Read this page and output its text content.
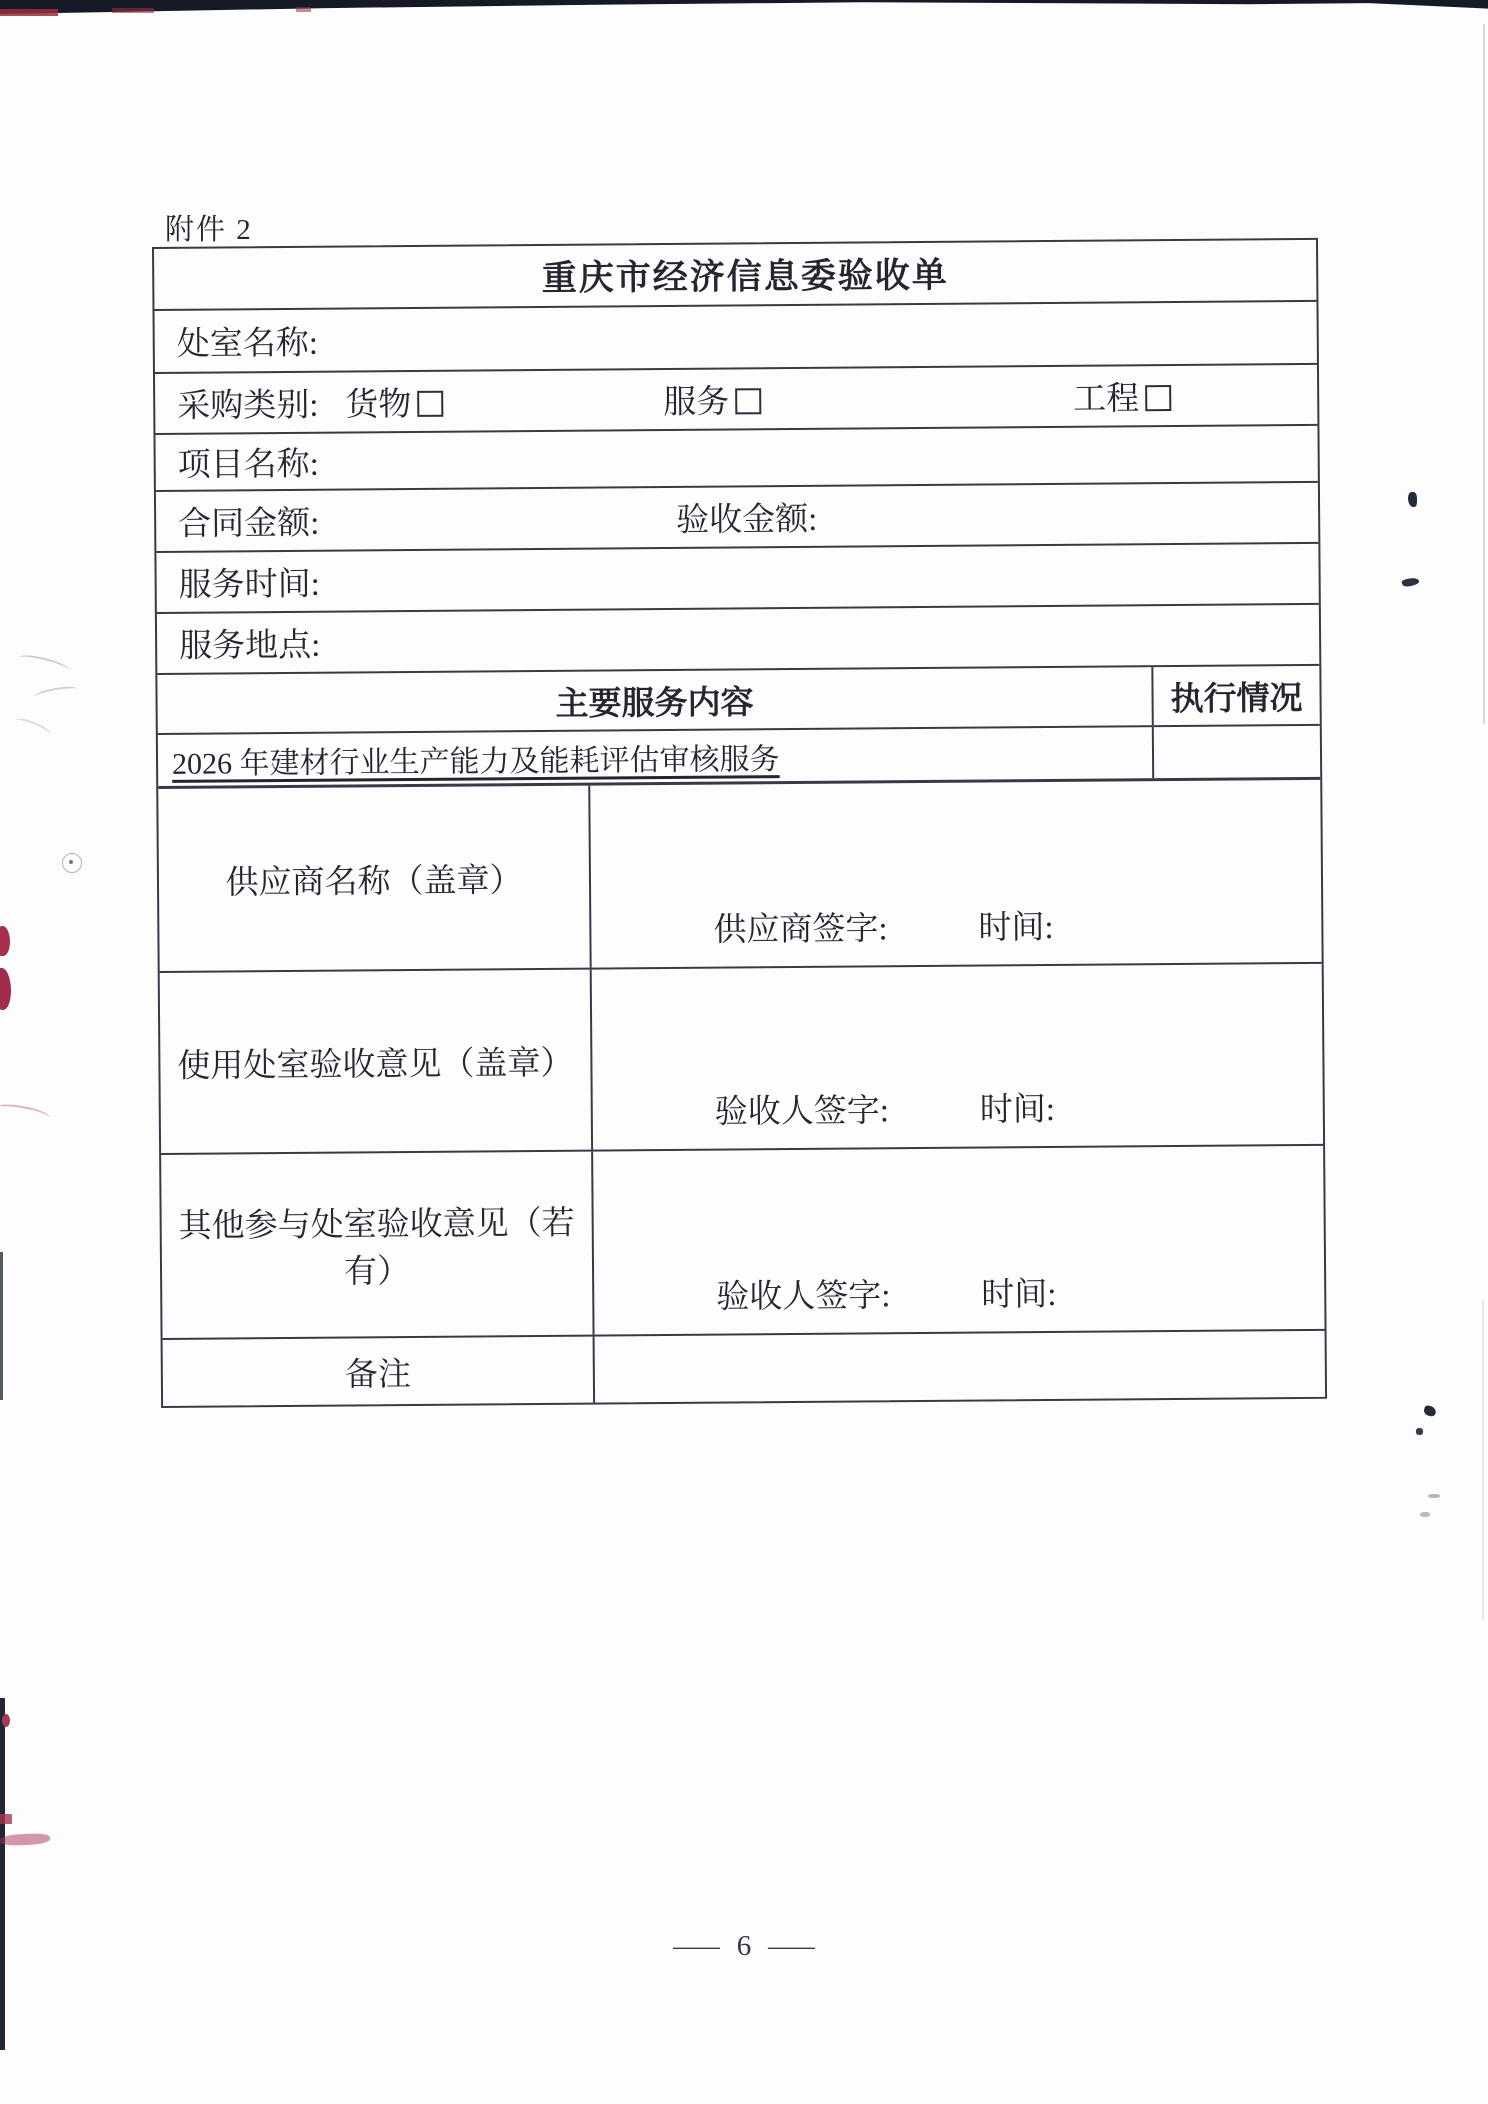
附件 2
重庆市经济信息委验收单
处室名称:
采购类别: 货物	服务	工程
项目名称:
合同金额:	验收金额:
服务时间:
服务地点:
主要服务内容	执行情况
2026 年建材行业生产能力及能耗评估审核服务
供应商名称（盖章）
供应商签字:	时间:
使用处室验收意见（盖章）
验收人签字:	时间:
其他参与处室验收意见（若有）
验收人签字:	时间:
备注
— 6 —
